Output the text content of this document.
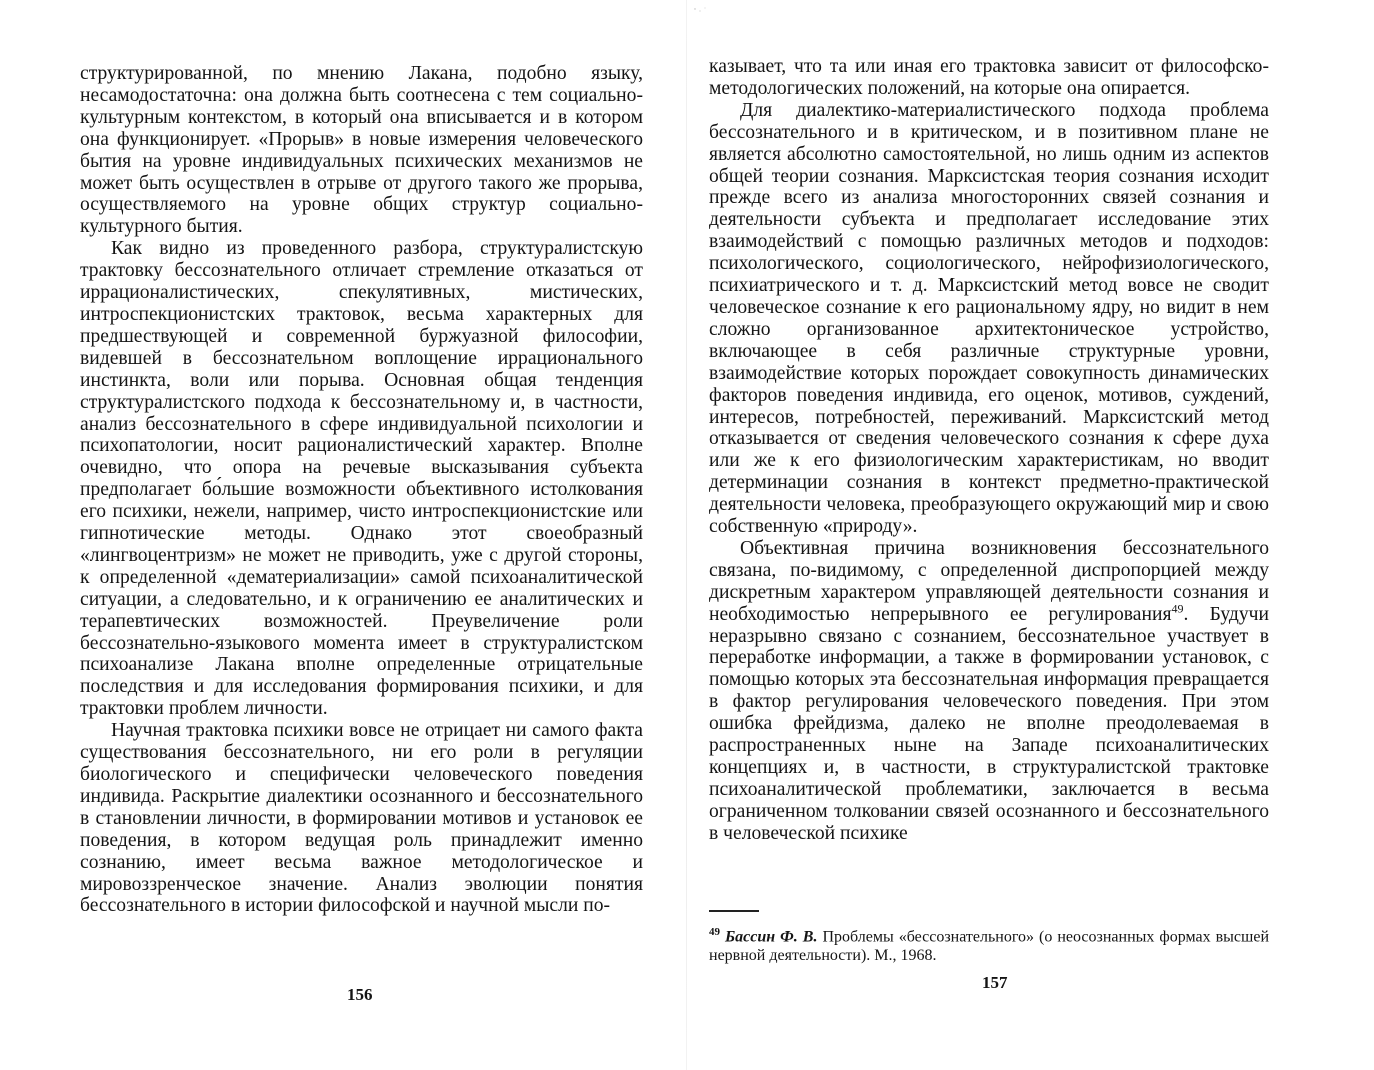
структурированной, по мнению Лакана, подобно языку, несамодостаточна: она должна быть соотнесена с тем социально-культурным контекстом, в который она вписывается и в котором она функционирует. «Прорыв» в новые измерения человеческого бытия на уровне индивидуальных психических механизмов не может быть осуществлен в отрыве от другого такого же прорыва, осуществляемого на уровне общих структур социально-культурного бытия.

Как видно из проведенного разбора, структуралистскую трактовку бессознательного отличает стремление отказаться от иррационалистических, спекулятивных, мистических, интроспекционистских трактовок, весьма характерных для предшествующей и современной буржуазной философии, видевшей в бессознательном воплощение иррационального инстинкта, воли или порыва. Основная общая тенденция структуралистского подхода к бессознательному и, в частности, анализ бессознательного в сфере индивидуальной психологии и психопатологии, носит рационалистический характер. Вполне очевидно, что опора на речевые высказывания субъекта предполагает бо́льшие возможности объективного истолкования его психики, нежели, например, чисто интроспекционистские или гипнотические методы. Однако этот своеобразный «лингвоцентризм» не может не приводить, уже с другой стороны, к определенной «дематериализации» самой психоаналитической ситуации, а следовательно, и к ограничению ее аналитических и терапевтических возможностей. Преувеличение роли бессознательно-языкового момента имеет в структуралистском психоанализе Лакана вполне определенные отрицательные последствия и для исследования формирования психики, и для трактовки проблем личности.

Научная трактовка психики вовсе не отрицает ни самого факта существования бессознательного, ни его роли в регуляции биологического и специфически человеческого поведения индивида. Раскрытие диалектики осознанного и бессознательного в становлении личности, в формировании мотивов и установок ее поведения, в котором ведущая роль принадлежит именно сознанию, имеет весьма важное методологическое и мировоззренческое значение. Анализ эволюции понятия бессознательного в истории философской и научной мысли по-

156

казывает, что та или иная его трактовка зависит от философско-методологических положений, на которые она опирается.

Для диалектико-материалистического подхода проблема бессознательного и в критическом, и в позитивном плане не является абсолютно самостоятельной, но лишь одним из аспектов общей теории сознания. Марксистская теория сознания исходит прежде всего из анализа многосторонних связей сознания и деятельности субъекта и предполагает исследование этих взаимодействий с помощью различных методов и подходов: психологического, социологического, нейрофизиологического, психиатрического и т. д. Марксистский метод вовсе не сводит человеческое сознание к его рациональному ядру, но видит в нем сложно организованное архитектоническое устройство, включающее в себя различные структурные уровни, взаимодействие которых порождает совокупность динамических факторов поведения индивида, его оценок, мотивов, суждений, интересов, потребностей, переживаний. Марксистский метод отказывается от сведения человеческого сознания к сфере духа или же к его физиологическим характеристикам, но вводит детерминации сознания в контекст предметно-практической деятельности человека, преобразующего окружающий мир и свою собственную «природу».

Объективная причина возникновения бессознательного связана, по-видимому, с определенной диспропорцией между дискретным характером управляющей деятельности сознания и необходимостью непрерывного ее регулирования$^{49}$. Будучи неразрывно связано с сознанием, бессознательное участвует в переработке информации, а также в формировании установок, с помощью которых эта бессознательная информация превращается в фактор регулирования человеческого поведения. При этом ошибка фрейдизма, далеко не вполне преодолеваемая в распространенных ныне на Западе психоаналитических концепциях и, в частности, в структуралистской трактовке психоаналитической проблематики, заключается в весьма ограниченном толковании связей осознанного и бессознательного в человеческой психике

$^{49}$ Бассин Ф. В. Проблемы «бессознательного» (о неосознанных формах высшей нервной деятельности). М., 1968.

157
